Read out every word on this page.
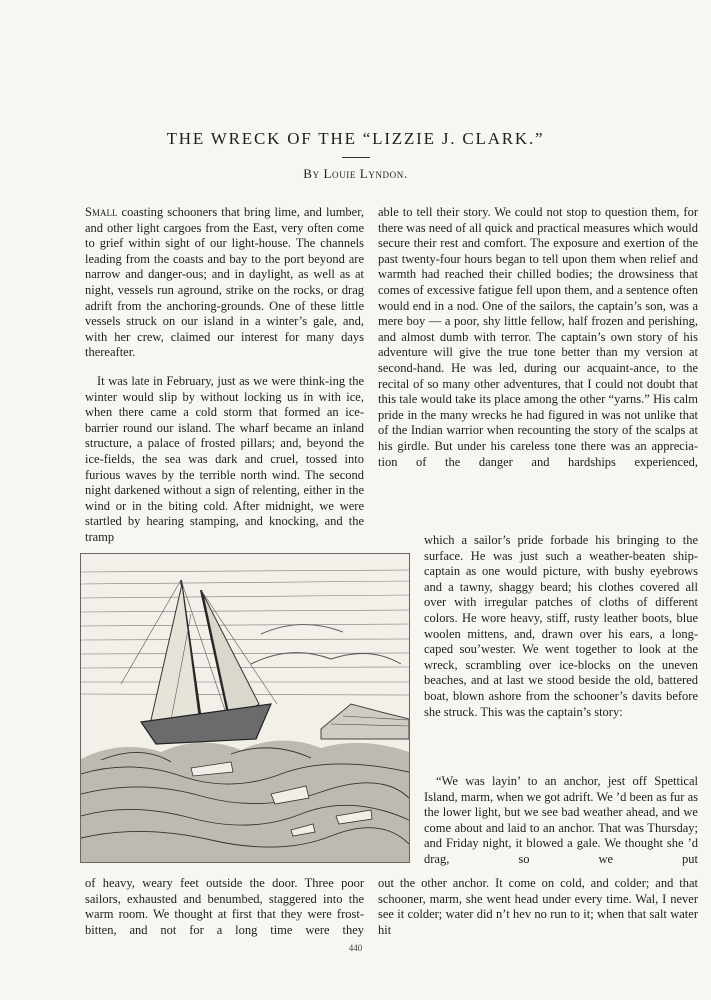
THE WRECK OF THE “LIZZIE J. CLARK.”
By Louie Lyndon.

Small coasting schooners that bring lime, and lumber, and other light cargoes from the East, very often come to grief within sight of our light-house. The channels leading from the coasts and bay to the port beyond are narrow and danger-ous; and in daylight, as well as at night, vessels run aground, strike on the rocks, or drag adrift from the anchoring-grounds. One of these little vessels struck on our island in a winter’s gale, and, with her crew, claimed our interest for many days thereafter.

It was late in February, just as we were think-ing the winter would slip by without locking us in with ice, when there came a cold storm that formed an ice-barrier round our island. The wharf became an inland structure, a palace of frosted pillars; and, beyond the ice-fields, the sea was dark and cruel, tossed into furious waves by the terrible north wind. The second night darkened without a sign of relenting, either in the wind or in the biting cold. After midnight, we were startled by hearing stamping, and knocking, and the tramp

able to tell their story. We could not stop to question them, for there was need of all quick and practical measures which would secure their rest and comfort. The exposure and exertion of the past twenty-four hours began to tell upon them when relief and warmth had reached their chilled bodies; the drowsiness that comes of excessive fatigue fell upon them, and a sentence often would end in a nod. One of the sailors, the captain’s son, was a mere boy — a poor, shy little fellow, half frozen and perishing, and almost dumb with terror. The captain’s own story of his adventure will give the true tone better than my version at second-hand. He was led, during our acquaint-ance, to the recital of so many other adventures, that I could not doubt that this tale would take its place among the other “yarns.” His calm pride in the many wrecks he had figured in was not unlike that of the Indian warrior when recounting the story of the scalps at his girdle. But under his careless tone there was an apprecia-tion of the danger and hardships experienced,

which a sailor’s pride forbade his bringing to the surface. He was just such a weather-beaten ship-captain as one would picture, with bushy eyebrows and a tawny, shaggy beard; his clothes covered all over with irregular patches of cloths of different colors. He wore heavy, stiff, rusty leather boots, blue woolen mittens, and, drawn over his ears, a long-caped sou’wester. We went together to look at the wreck, scrambling over ice-blocks on the uneven beaches, and at last we stood beside the old, battered boat, blown ashore from the schooner’s davits before she struck. This was the captain’s story:

“We was layin’ to an anchor, jest off Spettical Island, marm, when we got adrift. We ’d been as fur as the lower light, but we see bad weather ahead, and we come about and laid to an anchor. That was Thursday; and Friday night, it blowed a gale. We thought she ’d drag, so we put

of heavy, weary feet outside the door. Three poor sailors, exhausted and benumbed, staggered into the warm room. We thought at first that they were frost-bitten, and not for a long time were they

out the other anchor. It come on cold, and colder; and that schooner, marm, she went head under every time. Wal, I never see it colder; water did n’t hev no run to it; when that salt water hit

440
